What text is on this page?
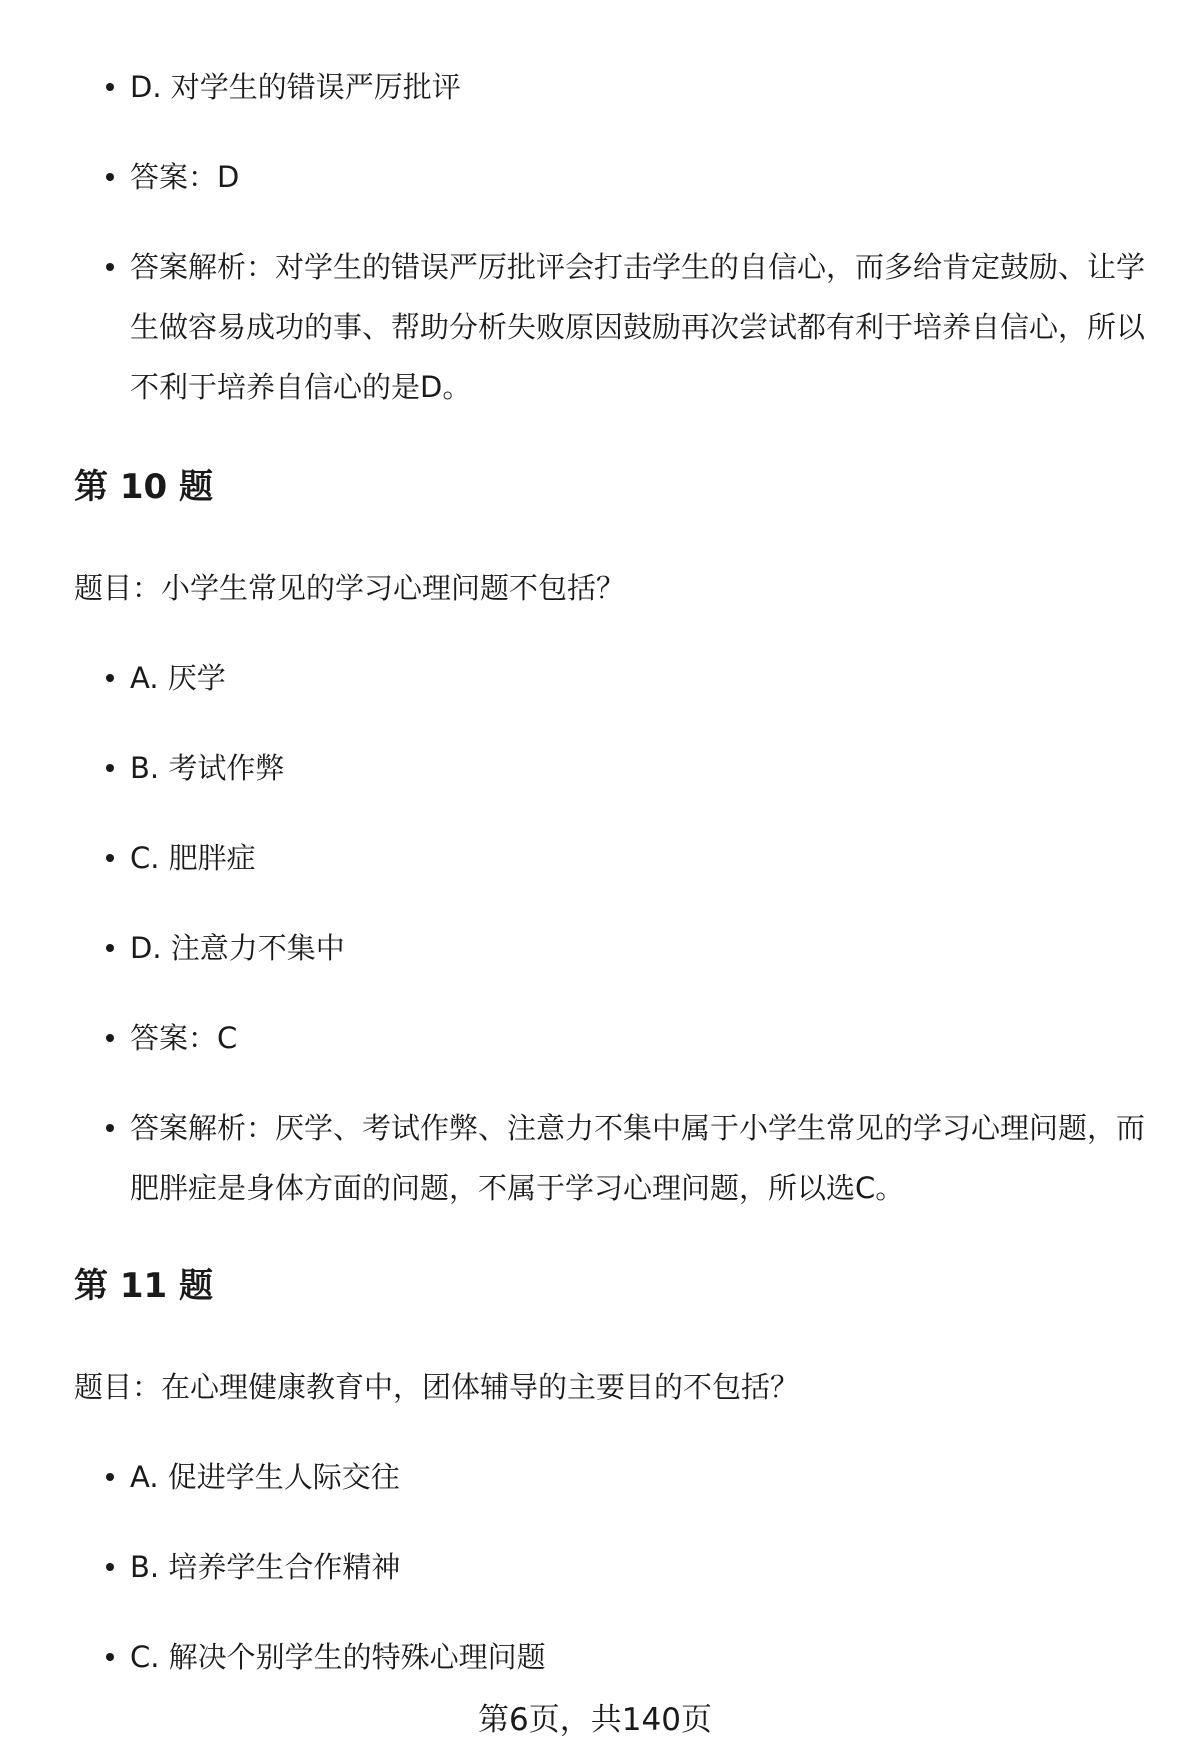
D. 对学生的错误严厉批评
答案：D
答案解析：对学生的错误严厉批评会打击学生的自信心，而多给肯定鼓励、让学生做容易成功的事、帮助分析失败原因鼓励再次尝试都有利于培养自信心，所以不利于培养自信心的是D。
第 10 题
题目：小学生常见的学习心理问题不包括？
A. 厌学
B. 考试作弊
C. 肥胖症
D. 注意力不集中
答案：C
答案解析：厌学、考试作弊、注意力不集中属于小学生常见的学习心理问题，而肥胖症是身体方面的问题，不属于学习心理问题，所以选C。
第 11 题
题目：在心理健康教育中，团体辅导的主要目的不包括？
A. 促进学生人际交往
B. 培养学生合作精神
C. 解决个别学生的特殊心理问题
第6页，共140页
